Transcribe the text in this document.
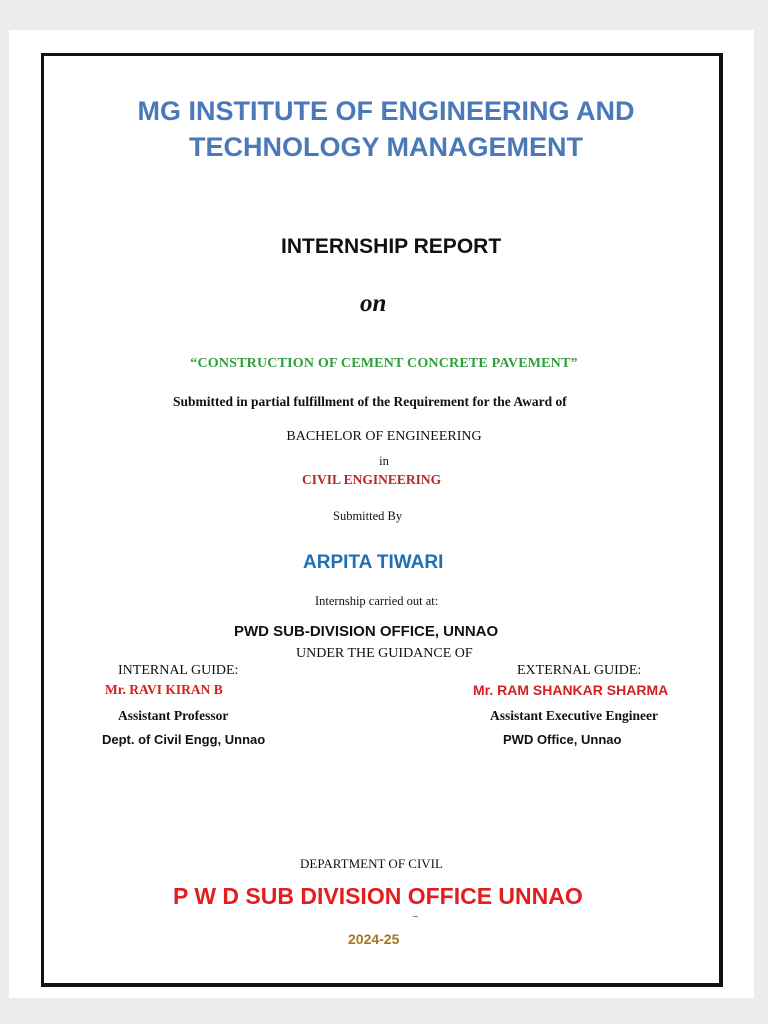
MG INSTITUTE OF ENGINEERING AND
TECHNOLOGY MANAGEMENT
INTERNSHIP REPORT
on
“CONSTRUCTION OF CEMENT CONCRETE PAVEMENT”
Submitted in partial fulfillment of the Requirement for the Award of
BACHELOR OF ENGINEERING
in
CIVIL ENGINEERING
Submitted By
ARPITA TIWARI
Internship carried out at:
PWD SUB-DIVISION OFFICE, UNNAO
UNDER THE GUIDANCE OF
INTERNAL GUIDE:
Mr. RAVI KIRAN B
Assistant Professor
Dept. of Civil Engg, Unnao
EXTERNAL GUIDE:
Mr. RAM SHANKAR SHARMA
Assistant Executive Engineer
PWD Office, Unnao
DEPARTMENT OF CIVIL
P W D SUB DIVISION OFFICE UNNAO
–
2024-25
